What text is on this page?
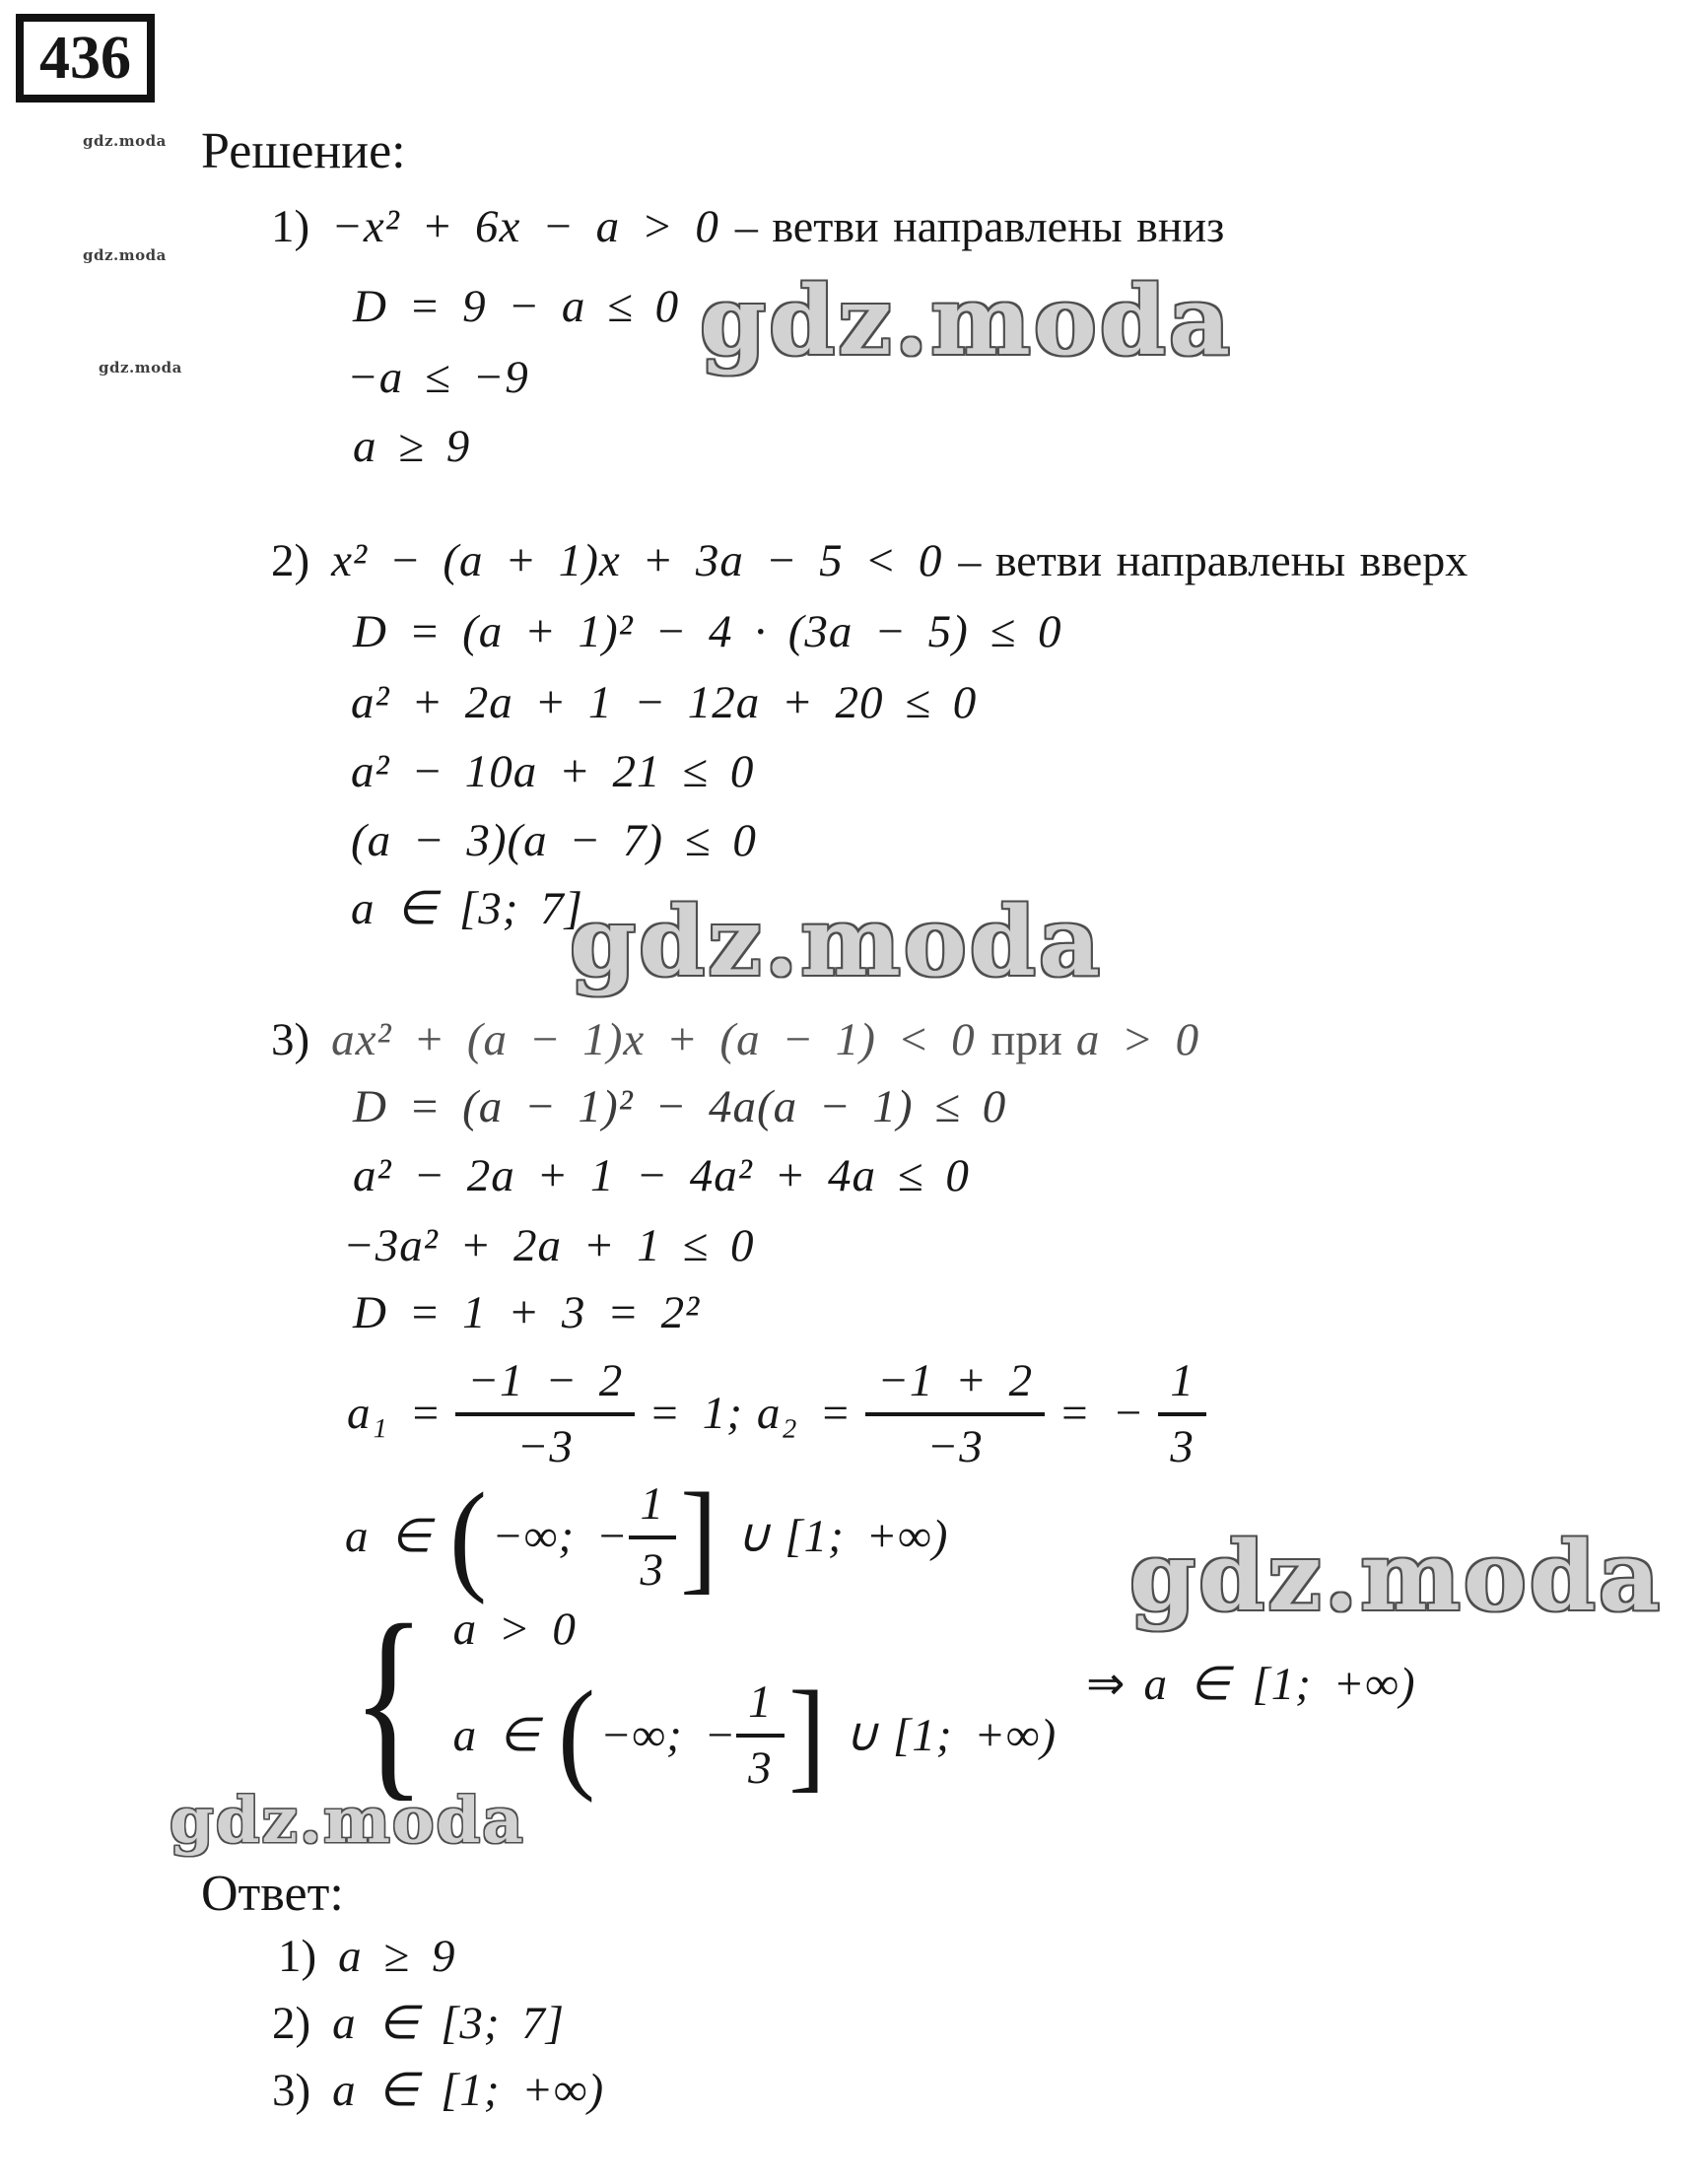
436
gdz.moda
gdz.moda
gdz.moda
Решение:
1) −x² + 6x − a > 0 – ветви направлены вниз
D = 9 − a ≤ 0 gdz.moda
−a ≤ −9
a ≥ 9
2) x² − (a + 1)x + 3a − 5 < 0 – ветви направлены вверх
D = (a + 1)² − 4 · (3a − 5) ≤ 0
a² + 2a + 1 − 12a + 20 ≤ 0
a² − 10a + 21 ≤ 0
(a − 3)(a − 7) ≤ 0
a ∈ [3; 7]
gdz.moda
3) ax² + (a − 1)x + (a − 1) < 0 при a > 0
D = (a − 1)² − 4a(a − 1) ≤ 0
a² − 2a + 1 − 4a² + 4a ≤ 0
−3a² + 2a + 1 ≤ 0
D = 1 + 3 = 2²
$a_1 = \frac{-1 - 2}{-3} = 1$; $a_2 = \frac{-1 + 2}{-3}$ = − $\frac{1}{3}$
a ∈ ( −∞; − $\frac{1}{3}$ ] ∪ [1; +∞) gdz.moda
{ a > 0
a ∈ ( −∞; − $\frac{1}{3}$ ] ∪ [1; +∞)
⇒ a ∈ [1; +∞)
gdz.moda
Ответ:
1) a ≥ 9
2) a ∈ [3; 7]
3) a ∈ [1; +∞)
